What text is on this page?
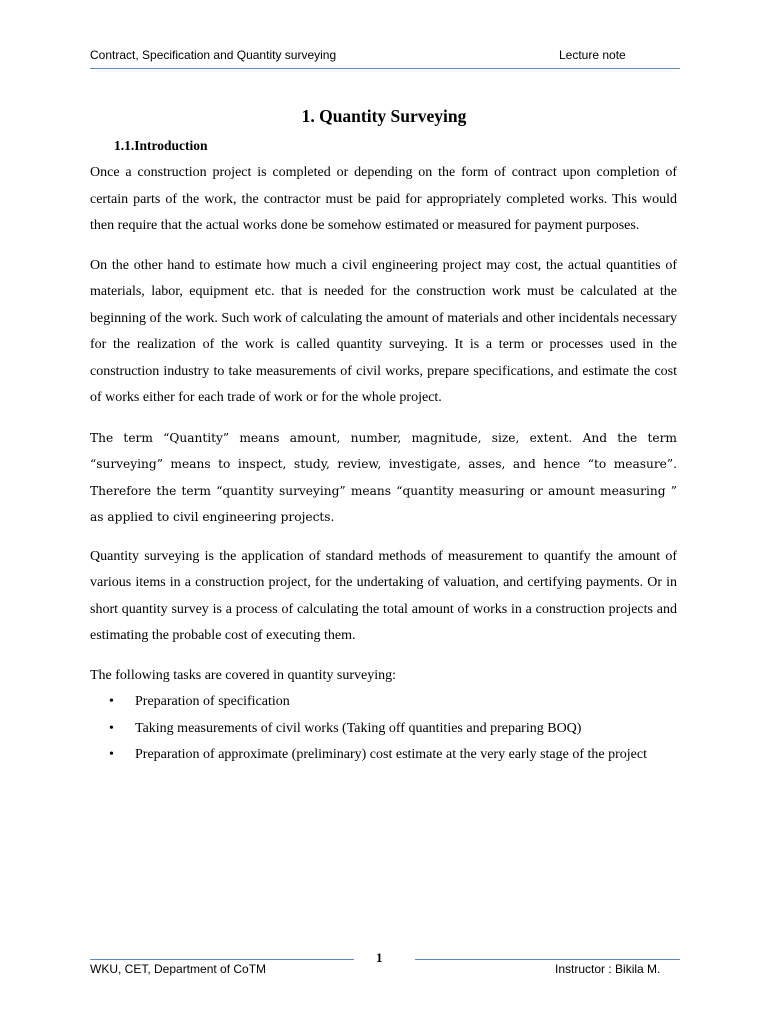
Contract, Specification and Quantity surveying	Lecture note
1. Quantity Surveying
1.1.Introduction

Once a construction project is completed or depending on the form of contract upon completion of certain parts of the work, the contractor must be paid for appropriately completed works. This would then require that the actual works done be somehow estimated or measured for payment purposes.

On the other hand to estimate how much a civil engineering project may cost, the actual quantities of materials, labor, equipment etc. that is needed for the construction work must be calculated at the beginning of the work. Such work of calculating the amount of materials and other incidentals necessary for the realization of the work is called quantity surveying. It is a term or processes used in the construction industry to take measurements of civil works, prepare specifications, and estimate the cost of works either for each trade of work or for the whole project.

The term “Quantity” means amount, number, magnitude, size, extent. And the term “surveying” means to inspect, study, review, investigate, asses, and hence “to measure”. Therefore the term “quantity surveying” means “quantity measuring or amount measuring ” as applied to civil engineering projects.

Quantity surveying is the application of standard methods of measurement to quantify the amount of various items in a construction project, for the undertaking of valuation, and certifying payments. Or in short quantity survey is a process of calculating the total amount of works in a construction projects and estimating the probable cost of executing them.

The following tasks are covered in quantity surveying:

• Preparation of specification
• Taking measurements of civil works (Taking off quantities and preparing BOQ)
• Preparation of approximate (preliminary) cost estimate at the very early stage of the project
1
WKU, CET, Department of CoTM	Instructor : Bikila M.
